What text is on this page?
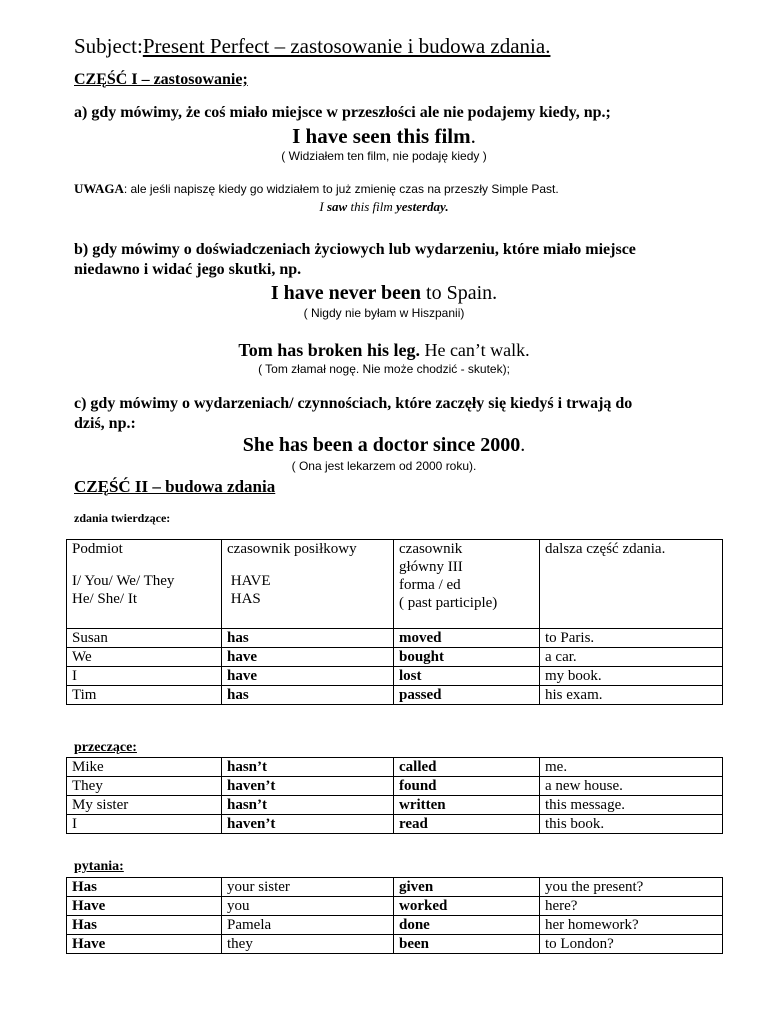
Subject:Present Perfect – zastosowanie i budowa zdania.
CZĘŚĆ I – zastosowanie;
a) gdy mówimy, że coś miało miejsce w przeszłości ale nie podajemy kiedy, np.;
I have seen this film.
( Widziałem ten film, nie podaję kiedy )
UWAGA: ale jeśli napiszę kiedy go widziałem to już zmienię czas na przeszły Simple Past.
I saw this film yesterday.
b) gdy mówimy o doświadczeniach życiowych lub wydarzeniu, które miało miejsce
niedawno i widać jego skutki, np.
I have never been to Spain.
( Nigdy nie byłam w Hiszpanii)
Tom has broken his leg. He can’t walk.
( Tom złamał nogę. Nie może chodzić - skutek);
c) gdy mówimy o wydarzeniach/ czynnościach, które zaczęły się kiedyś i trwają do
dziś, np.:
She has been a doctor since 2000.
( Ona jest lekarzem od 2000 roku).
CZĘŚĆ II – budowa zdania
zdania twierdzące:
Podmiot
I/ You/ We/ They
He/ She/ It	czasownik posiłkowy
HAVE
HAS	czasownik
główny III
forma / ed
( past participle)	dalsza część zdania.

Susan	has	moved	to Paris.
We	have	bought	a car.
I	have	lost	my book.
Tim	has	passed	his exam.
przeczące:
Mike	hasn’t	called	me.
They	haven’t	found	a new house.
My sister	hasn’t	written	this message.
I	haven’t	read	this book.
pytania:
Has	your sister	given	you the present?
Have	you	worked	here?
Has	Pamela	done	her homework?
Have	they	been	to London?
